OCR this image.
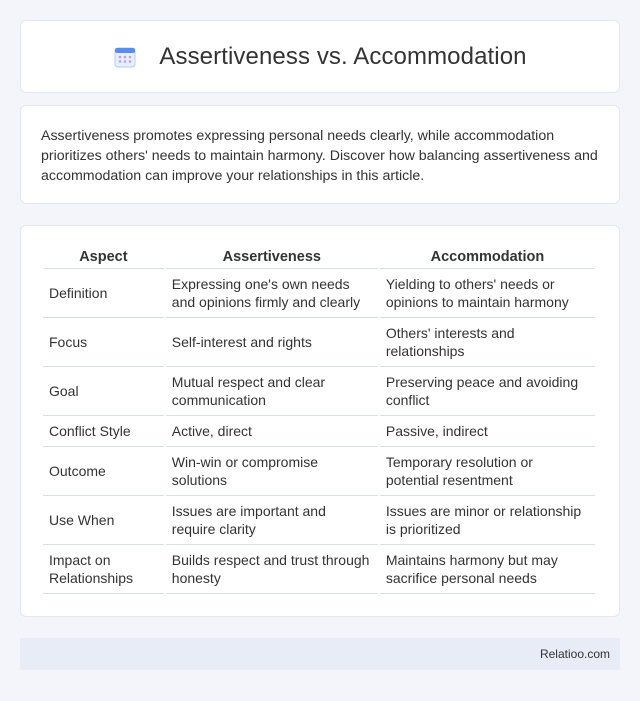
Assertiveness vs. Accommodation

Assertiveness promotes expressing personal needs clearly, while accommodation prioritizes others' needs to maintain harmony. Discover how balancing assertiveness and accommodation can improve your relationships in this article.

Aspect	Assertiveness	Accommodation
Definition	Expressing one's own needs and opinions firmly and clearly	Yielding to others' needs or opinions to maintain harmony
Focus	Self-interest and rights	Others' interests and relationships
Goal	Mutual respect and clear communication	Preserving peace and avoiding conflict
Conflict Style	Active, direct	Passive, indirect
Outcome	Win-win or compromise solutions	Temporary resolution or potential resentment
Use When	Issues are important and require clarity	Issues are minor or relationship is prioritized
Impact on Relationships	Builds respect and trust through honesty	Maintains harmony but may sacrifice personal needs
Relatioo.com
